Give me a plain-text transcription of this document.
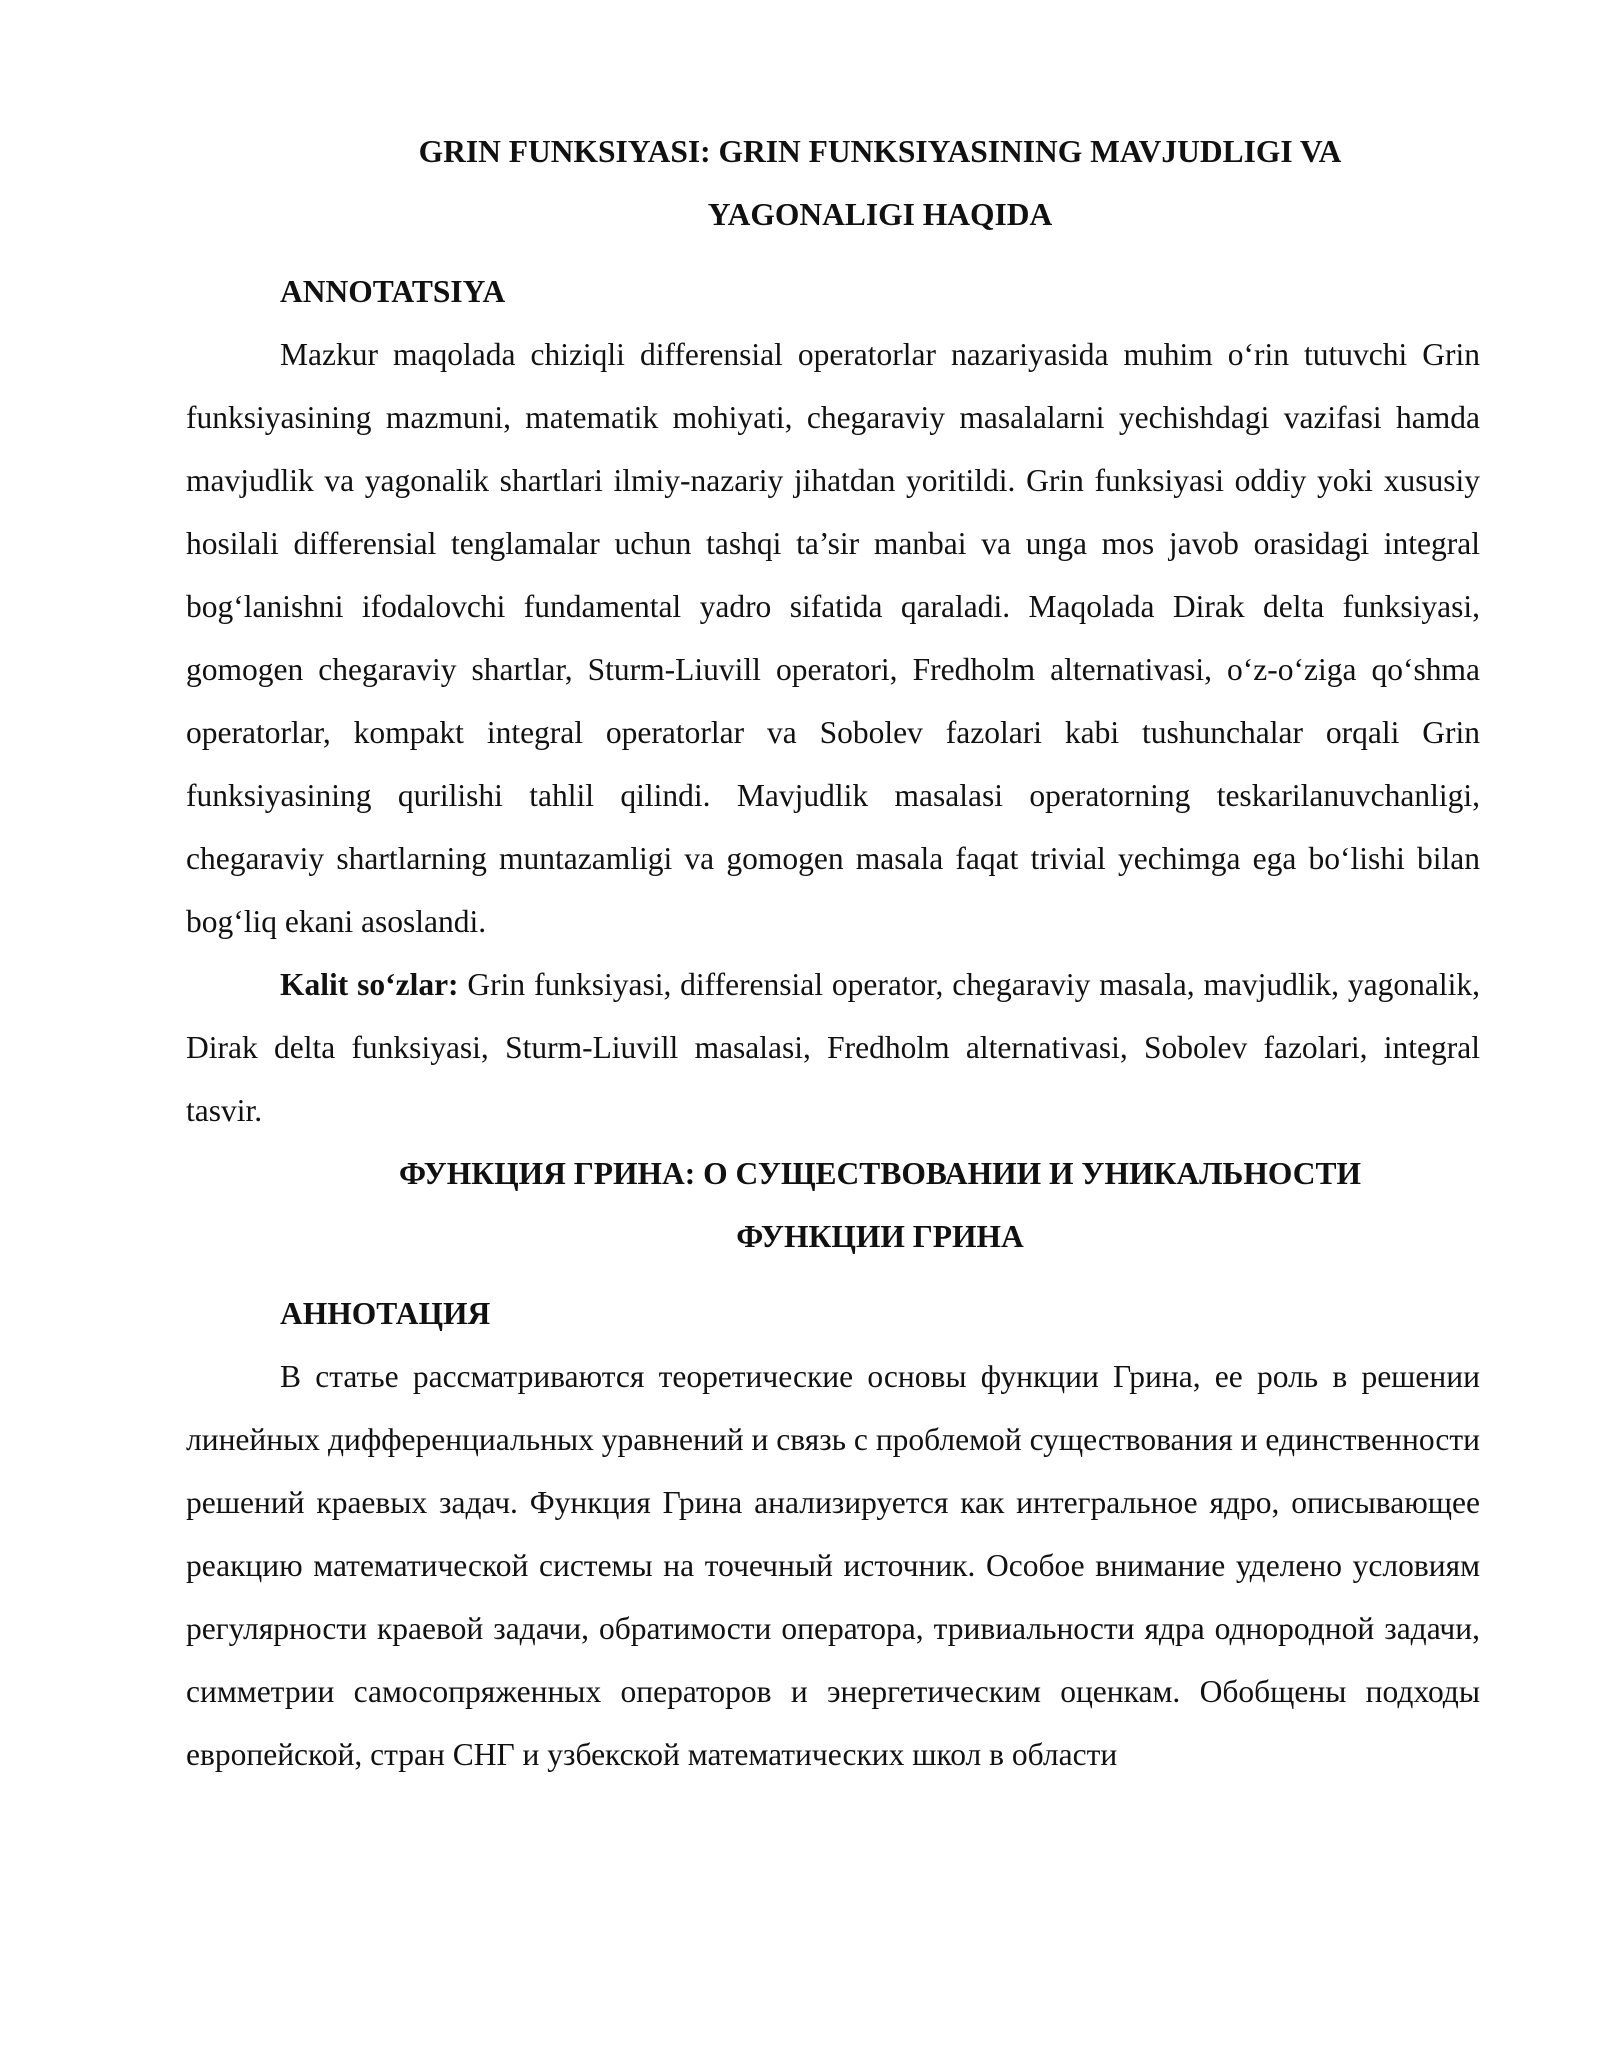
GRIN FUNKSIYASI: GRIN FUNKSIYASINING MAVJUDLIGI VA
YAGONALIGI HAQIDA
ANNOTATSIYA

Mazkur maqolada chiziqli differensial operatorlar nazariyasida muhim o‘rin tutuvchi Grin funksiyasining mazmuni, matematik mohiyati, chegaraviy masalalarni yechishdagi vazifasi hamda mavjudlik va yagonalik shartlari ilmiy-nazariy jihatdan yoritildi. Grin funksiyasi oddiy yoki xususiy hosilali differensial tenglamalar uchun tashqi ta’sir manbai va unga mos javob orasidagi integral bog‘lanishni ifodalovchi fundamental yadro sifatida qaraladi. Maqolada Dirak delta funksiyasi, gomogen chegaraviy shartlar, Sturm-Liuvill operatori, Fredholm alternativasi, o‘z-o‘ziga qo‘shma operatorlar, kompakt integral operatorlar va Sobolev fazolari kabi tushunchalar orqali Grin funksiyasining qurilishi tahlil qilindi. Mavjudlik masalasi operatorning teskarilanuvchanligi, chegaraviy shartlarning muntazamligi va gomogen masala faqat trivial yechimga ega bo‘lishi bilan bog‘liq ekani asoslandi.

Kalit so‘zlar: Grin funksiyasi, differensial operator, chegaraviy masala, mavjudlik, yagonalik, Dirak delta funksiyasi, Sturm-Liuvill masalasi, Fredholm alternativasi, Sobolev fazolari, integral tasvir.

ФУНКЦИЯ ГРИНА: О СУЩЕСТВОВАНИИ И УНИКАЛЬНОСТИ
ФУНКЦИИ ГРИНА
АННОТАЦИЯ

В статье рассматриваются теоретические основы функции Грина, ее роль в решении линейных дифференциальных уравнений и связь с проблемой существования и единственности решений краевых задач. Функция Грина анализируется как интегральное ядро, описывающее реакцию математической системы на точечный источник. Особое внимание уделено условиям регулярности краевой задачи, обратимости оператора, тривиальности ядра однородной задачи, симметрии самосопряженных операторов и энергетическим оценкам. Обобщены подходы европейской, стран СНГ и узбекской математических школ в области
